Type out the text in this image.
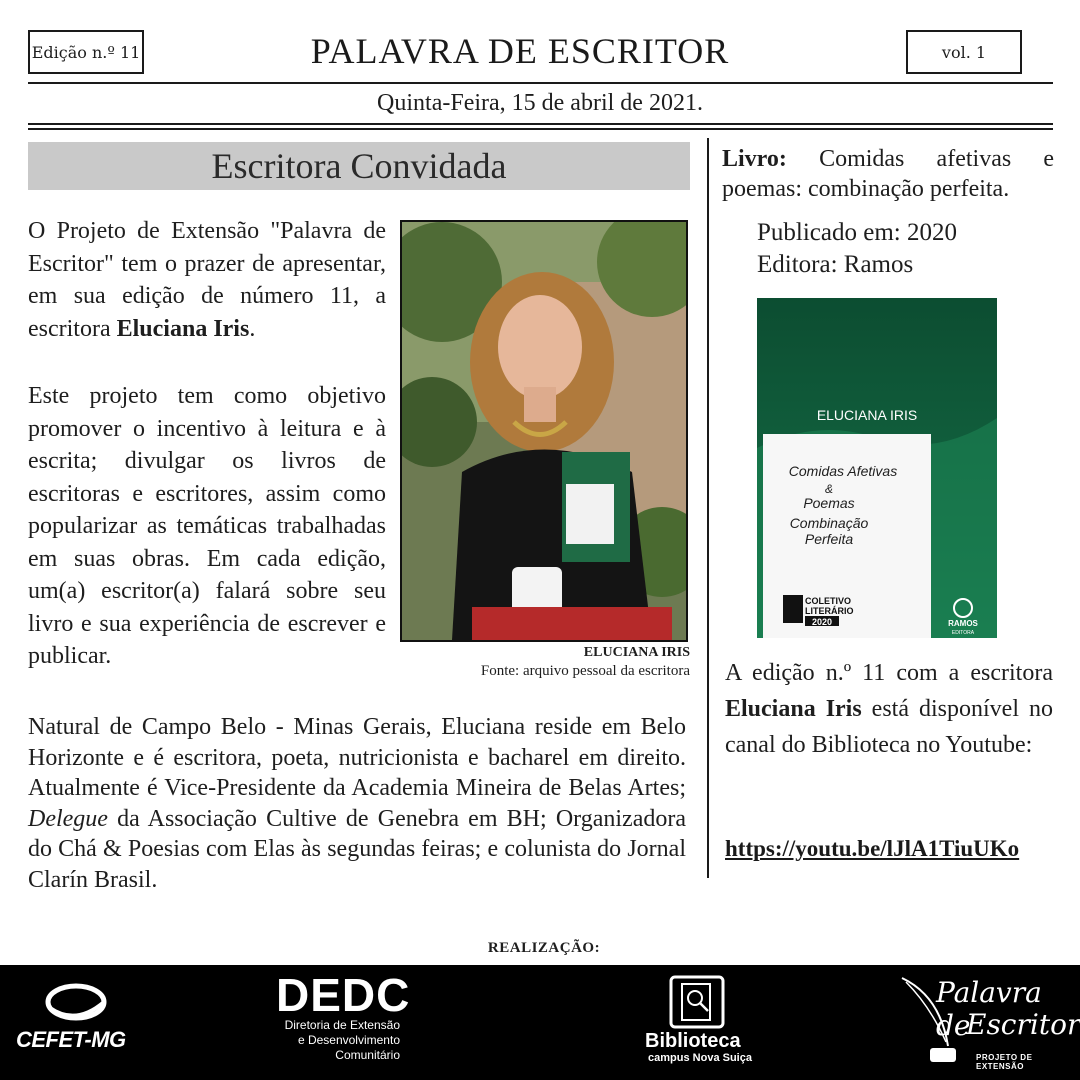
Edição n.º 11	PALAVRA DE ESCRITOR	vol. 1
Quinta-Feira, 15 de abril de 2021.
Escritora Convidada

O Projeto de Extensão "Palavra de Escritor" tem o prazer de apresentar, em sua edição de número 11, a escritora Eluciana Iris.

Este projeto tem como objetivo promover o incentivo à leitura e à escrita; divulgar os livros de escritoras e escritores, assim como popularizar as temáticas trabalhadas em suas obras. Em cada edição, um(a) escritor(a) falará sobre seu livro e sua experiência de escrever e publicar.	ELUCIANA IRIS
Fonte: arquivo pessoal da escritora

Natural de Campo Belo - Minas Gerais, Eluciana reside em Belo Horizonte e é escritora, poeta, nutricionista e bacharel em direito. Atualmente é Vice-Presidente da Academia Mineira de Belas Artes; Delegue da Associação Cultive de Genebra em BH; Organizadora do Chá & Poesias com Elas às segundas feiras; e colunista do Jornal Clarín Brasil.

Livro: Comidas afetivas e poemas: combinação perfeita.

Publicado em: 2020
Editora: Ramos
ELUCIANA IRIS
Comidas Afetivas
&
Poemas
Combinação
Perfeita
COLETIVO
LITERÁRIO
2020	RAMOS
EDITORA

A edição n.º 11 com a escritora Eluciana Iris está disponível no canal do Biblioteca no Youtube:

https://youtu.be/lJlA1TiuUKo
REALIZAÇÃO:
CEFET-MG
DEDC
Diretoria de Extensão
e Desenvolvimento
Comunitário
Biblioteca
campus Nova Suiça
Palavra de
Escritor
PROJETO DE EXTENSÃO
